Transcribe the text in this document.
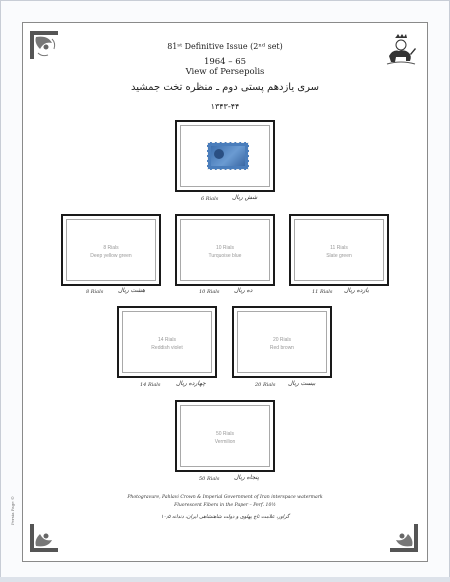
81ˢᵗ Definitive Issue (2ⁿᵈ set)
1964 – 65
View of Persepolis
سری یازدهم پستی دوم ـ منظره تخت جمشید
۱۳۴۳-۴۴
6 Rials شش ریال
8 Rials
Deep yellow green
8 Rials هشت ریال
10 Rials
Turquoise blue
10 Rials ده ریال
11 Rials
Slate green
11 Rials یازده ریال
14 Rials
Reddish violet
14 Rials	چهارده ریال
20 Rials
Red brown
20 Rials بیست ریال
50 Rials
Vermilion
50 Rials پنجاه ریال
Photogravure, Pahlavi Crown & Imperial Government of Iran interspace watermark
Fluorescent Fibers in the Paper – Perf. 10½
گراور، علامت تاج پهلوی و دولت شاهنشاهی ایران، دندانه ۱۰٫۵
Persia Page ©
